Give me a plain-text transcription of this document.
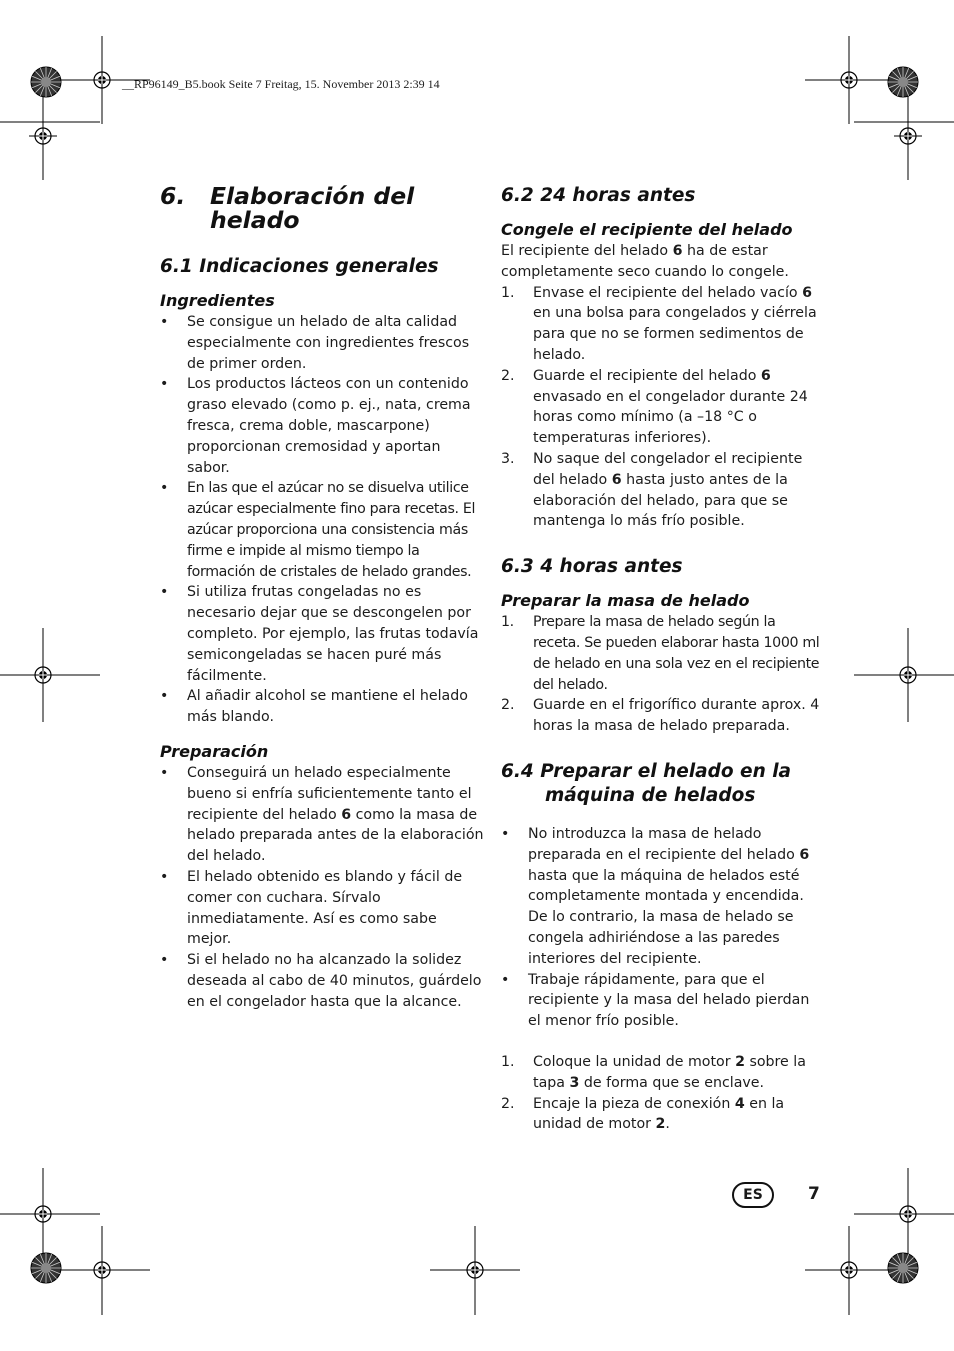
__RP96149_B5.book Seite 7 Freitag, 15. November 2013 2:39 14
6.	Elaboración del helado
6.1 Indicaciones generales
Ingredientes
• Se consigue un helado de alta calidad especialmente con ingredientes frescos de primer orden.
• Los productos lácteos con un contenido graso elevado (como p. ej., nata, crema fresca, crema doble, mascarpone) proporcionan cremosidad y aportan sabor.
• En las que el azúcar no se disuelva utilice azúcar especialmente fino para recetas. El azúcar proporciona una consistencia más firme e impide al mismo tiempo la formación de cristales de helado grandes.
• Si utiliza frutas congeladas no es necesario dejar que se descongelen por completo. Por ejemplo, las frutas todavía semicongeladas se hacen puré más fácilmente.
• Al añadir alcohol se mantiene el helado más blando.
Preparación
• Conseguirá un helado especialmente bueno si enfría suficientemente tanto el recipiente del helado 6 como la masa de helado preparada antes de la elaboración del helado.
• El helado obtenido es blando y fácil de comer con cuchara. Sírvalo inmediatamente. Así es como sabe mejor.
• Si el helado no ha alcanzado la solidez deseada al cabo de 40 minutos, guárdelo en el congelador hasta que la alcance.
6.2 24 horas antes
Congele el recipiente del helado

El recipiente del helado 6 ha de estar completamente seco cuando lo congele.

1. Envase el recipiente del helado vacío 6 en una bolsa para congelados y ciérrela para que no se formen sedimentos de helado.
2. Guarde el recipiente del helado 6 envasado en el congelador durante 24 horas como mínimo (a –18 °C o temperaturas inferiores).
3. No saque del congelador el recipiente del helado 6 hasta justo antes de la elaboración del helado, para que se mantenga lo más frío posible.
6.3 4 horas antes
Preparar la masa de helado
1. Prepare la masa de helado según la receta. Se pueden elaborar hasta 1000 ml de helado en una sola vez en el recipiente del helado.
2. Guarde en el frigorífico durante aprox. 4 horas la masa de helado preparada.
6.4 Preparar el helado en la máquina de helados
• No introduzca la masa de helado preparada en el recipiente del helado 6 hasta que la máquina de helados esté completamente montada y encendida. De lo contrario, la masa de helado se congela adhiriéndose a las paredes interiores del recipiente.
• Trabaje rápidamente, para que el recipiente y la masa del helado pierdan el menor frío posible.
1. Coloque la unidad de motor 2 sobre la tapa 3 de forma que se enclave.
2. Encaje la pieza de conexión 4 en la unidad de motor 2.
ES	7
